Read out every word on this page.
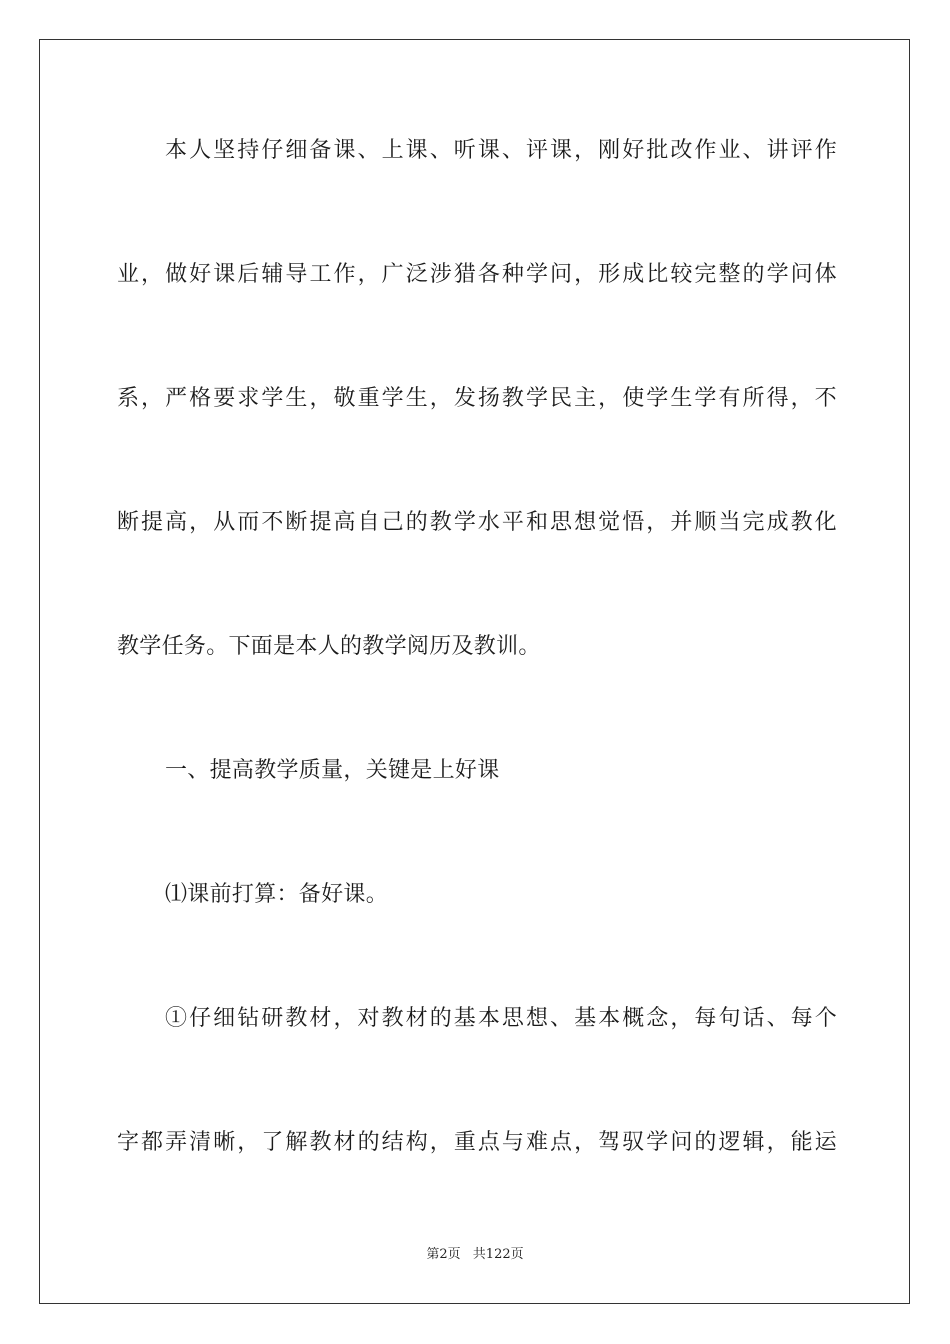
本人坚持仔细备课、上课、听课、评课，刚好批改作业、讲评作
业，做好课后辅导工作，广泛涉猎各种学问，形成比较完整的学问体
系，严格要求学生，敬重学生，发扬教学民主，使学生学有所得，不
断提高，从而不断提高自己的教学水平和思想觉悟，并顺当完成教化
教学任务。下面是本人的教学阅历及教训。
一、提高教学质量，关键是上好课
⑴课前打算：备好课。
①仔细钻研教材，对教材的基本思想、基本概念，每句话、每个
字都弄清晰，了解教材的结构，重点与难点，驾驭学问的逻辑，能运
第2页 共122页
